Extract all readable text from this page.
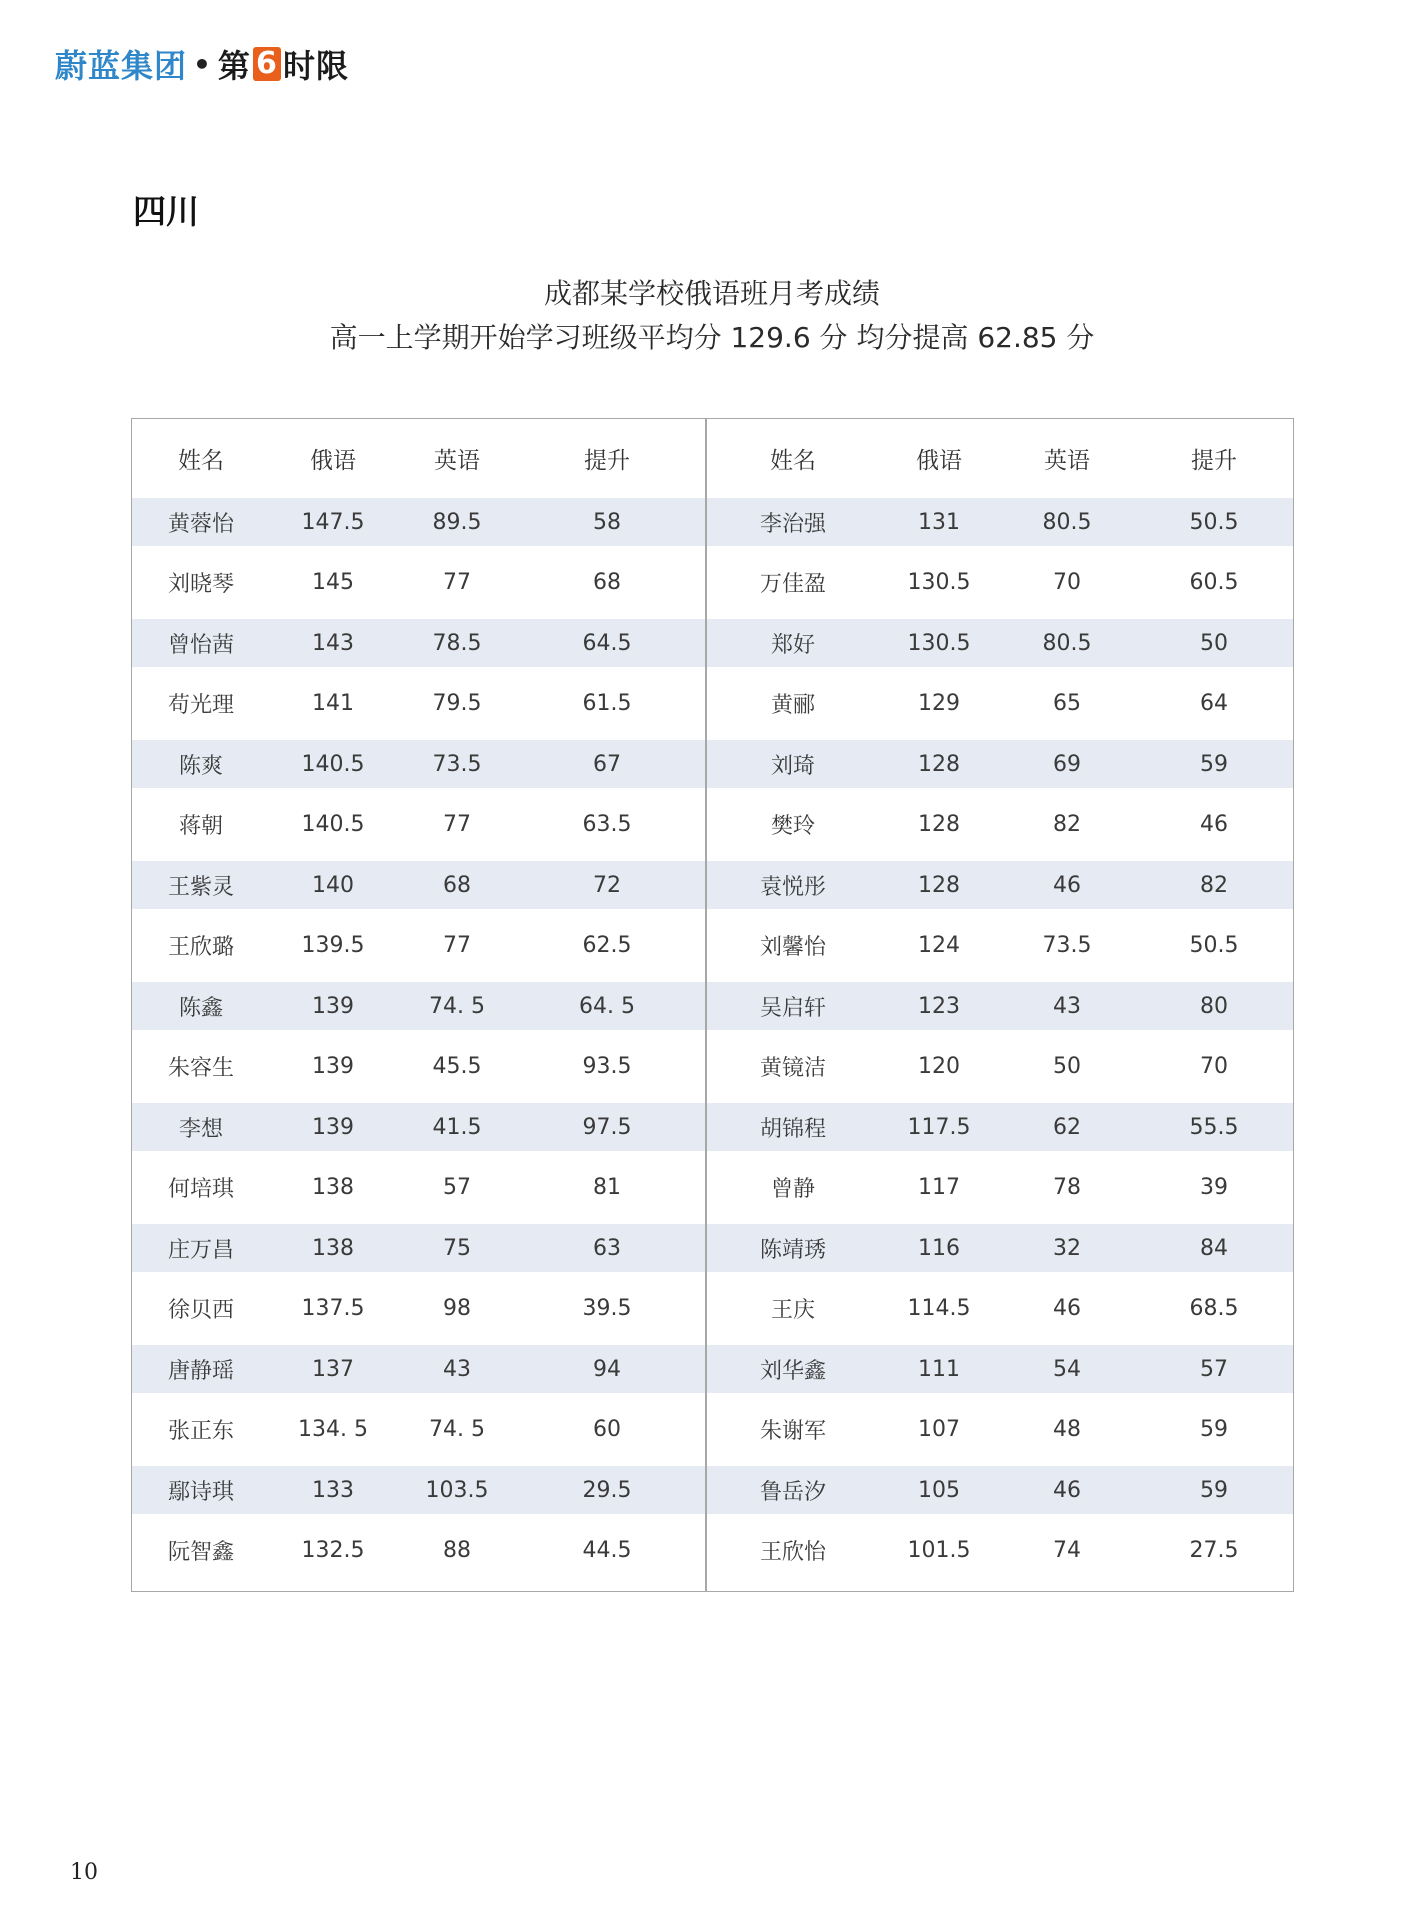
蔚蓝集团 • 第 6 时限
四川
成都某学校俄语班月考成绩
高一上学期开始学习班级平均分 129.6 分 均分提高 62.85 分
姓名	俄语	英语	提升
黄蓉怡	147.5	89.5	58
刘晓琴	145	77	68
曾怡茜	143	78.5	64.5
苟光理	141	79.5	61.5
陈爽	140.5	73.5	67
蒋朝	140.5	77	63.5
王紫灵	140	68	72
王欣璐	139.5	77	62.5
陈鑫	139	74. 5	64. 5
朱容生	139	45.5	93.5
李想	139	41.5	97.5
何培琪	138	57	81
庄万昌	138	75	63
徐贝西	137.5	98	39.5
唐静瑶	137	43	94
张正东	134. 5	74. 5	60
鄢诗琪	133	103.5	29.5
阮智鑫	132.5	88	44.5
姓名	俄语	英语	提升
李治强	131	80.5	50.5
万佳盈	130.5	70	60.5
郑好	130.5	80.5	50
黄郦	129	65	64
刘琦	128	69	59
樊玲	128	82	46
袁悦彤	128	46	82
刘馨怡	124	73.5	50.5
吴启轩	123	43	80
黄镜洁	120	50	70
胡锦程	117.5	62	55.5
曾静	117	78	39
陈靖琇	116	32	84
王庆	114.5	46	68.5
刘华鑫	111	54	57
朱谢军	107	48	59
鲁岳汐	105	46	59
王欣怡	101.5	74	27.5
10
